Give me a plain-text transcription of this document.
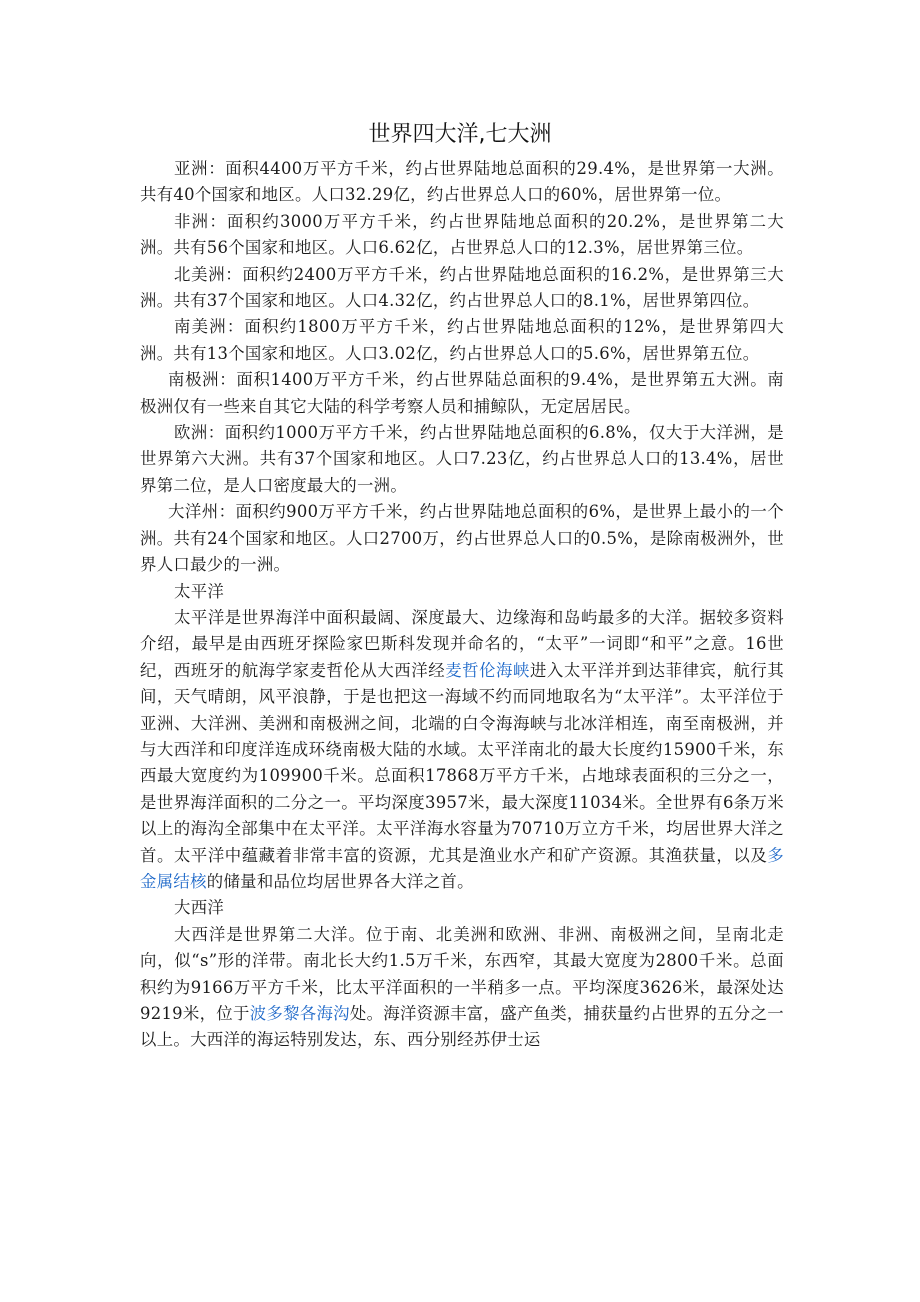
世界四大洋,七大洲

亚洲：面积4400万平方千米，约占世界陆地总面积的29.4%，是世界第一大洲。共有40个国家和地区。人口32.29亿，约占世界总人口的60%，居世界第一位。

非洲：面积约3000万平方千米，约占世界陆地总面积的20.2%，是世界第二大洲。共有56个国家和地区。人口6.62亿，占世界总人口的12.3%，居世界第三位。

北美洲：面积约2400万平方千米，约占世界陆地总面积的16.2%，是世界第三大洲。共有37个国家和地区。人口4.32亿，约占世界总人口的8.1%，居世界第四位。

南美洲：面积约1800万平方千米，约占世界陆地总面积的12%，是世界第四大洲。共有13个国家和地区。人口3.02亿，约占世界总人口的5.6%，居世界第五位。

南极洲：面积1400万平方千米，约占世界陆总面积的9.4%，是世界第五大洲。南极洲仅有一些来自其它大陆的科学考察人员和捕鲸队，无定居居民。

欧洲：面积约1000万平方千米，约占世界陆地总面积的6.8%，仅大于大洋洲，是世界第六大洲。共有37个国家和地区。人口7.23亿，约占世界总人口的13.4%，居世界第二位，是人口密度最大的一洲。

大洋州：面积约900万平方千米，约占世界陆地总面积的6%，是世界上最小的一个洲。共有24个国家和地区。人口2700万，约占世界总人口的0.5%，是除南极洲外，世界人口最少的一洲。

太平洋

太平洋是世界海洋中面积最阔、深度最大、边缘海和岛屿最多的大洋。据较多资料介绍，最早是由西班牙探险家巴斯科发现并命名的，“太平”一词即“和平”之意。16世纪，西班牙的航海学家麦哲伦从大西洋经麦哲伦海峡进入太平洋并到达菲律宾，航行其间，天气晴朗，风平浪静，于是也把这一海域不约而同地取名为“太平洋”。太平洋位于亚洲、大洋洲、美洲和南极洲之间，北端的白令海海峡与北冰洋相连，南至南极洲，并与大西洋和印度洋连成环绕南极大陆的水域。太平洋南北的最大长度约15900千米，东西最大宽度约为109900千米。总面积17868万平方千米，占地球表面积的三分之一，是世界海洋面积的二分之一。平均深度3957米，最大深度11034米。全世界有6条万米以上的海沟全部集中在太平洋。太平洋海水容量为70710万立方千米，均居世界大洋之首。太平洋中蕴藏着非常丰富的资源，尤其是渔业水产和矿产资源。其渔获量，以及多金属结核的储量和品位均居世界各大洋之首。

大西洋

大西洋是世界第二大洋。位于南、北美洲和欧洲、非洲、南极洲之间，呈南北走向，似“s”形的洋带。南北长大约1.5万千米，东西窄，其最大宽度为2800千米。总面积约为9166万平方千米，比太平洋面积的一半稍多一点。平均深度3626米，最深处达9219米，位于波多黎各海沟处。海洋资源丰富，盛产鱼类，捕获量约占世界的五分之一以上。大西洋的海运特别发达，东、西分别经苏伊士运
